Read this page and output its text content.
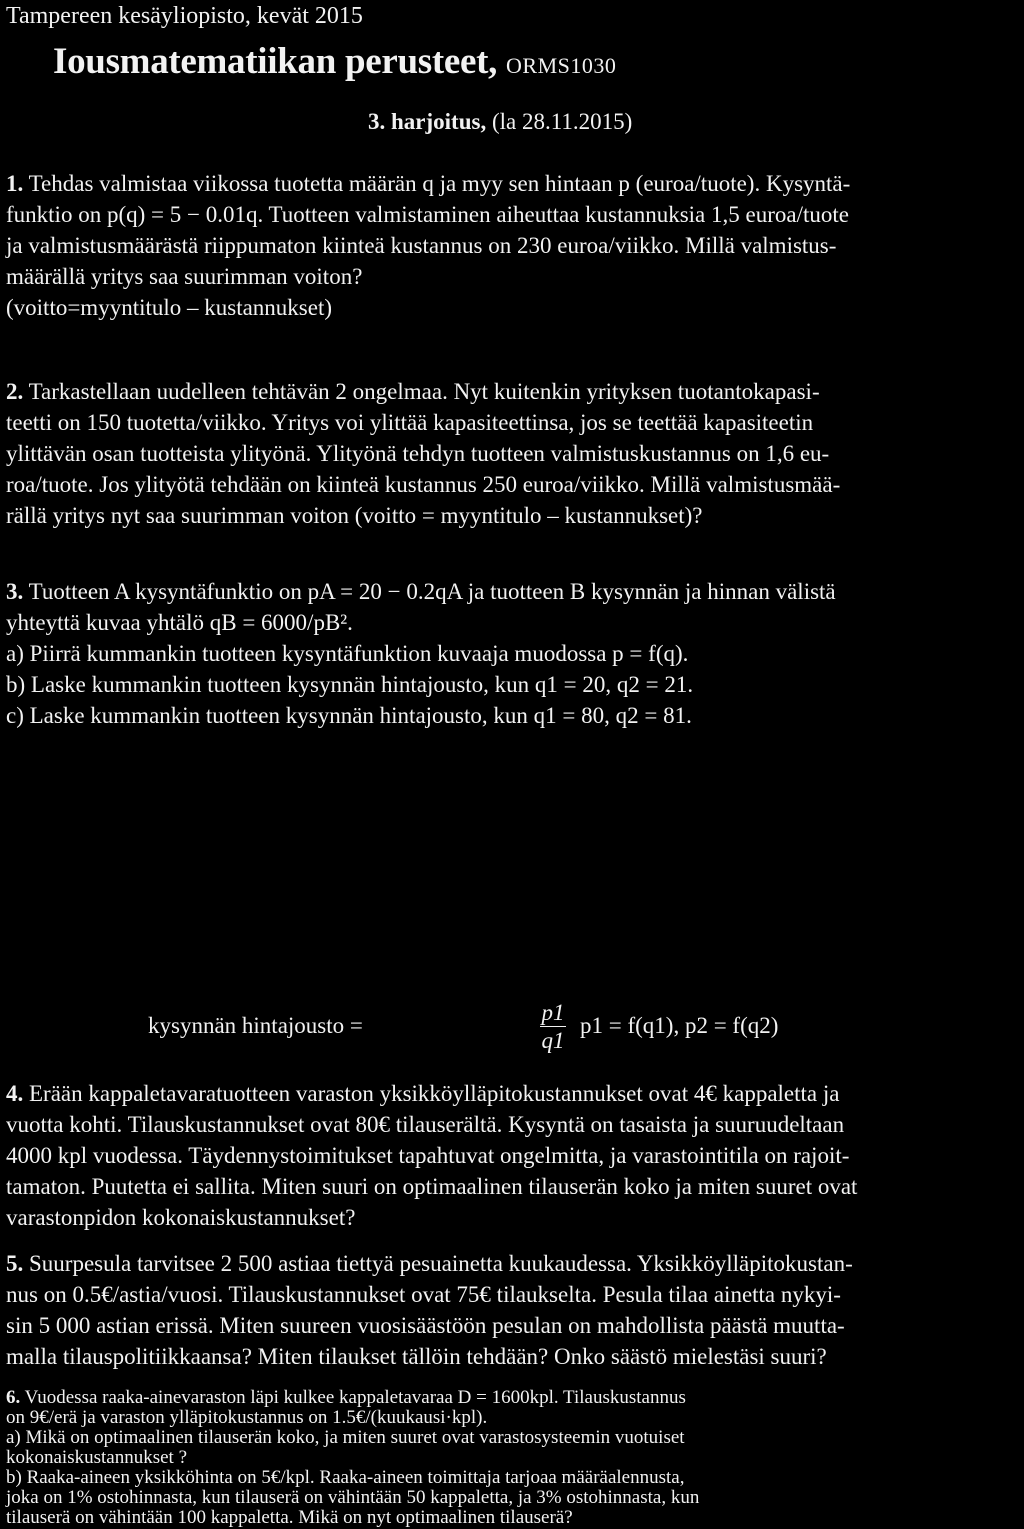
Tampereen kesäyliopisto, kevät 2015
Iousmatematiikan perusteet, ORMS1030
3. harjoitus, (la 28.11.2015)
1. Tehdas valmistaa viikossa tuotetta määrän q ja myy sen hintaan p (euroa/tuote). Kysyntä-
funktio on p(q) = 5 − 0.01q. Tuotteen valmistaminen aiheuttaa kustannuksia 1,5 euroa/tuote
ja valmistusmäärästä riippumaton kiinteä kustannus on 230 euroa/viikko. Millä valmistus-
määrällä yritys saa suurimman voiton?
(voitto=myyntitulo – kustannukset)
2. Tarkastellaan uudelleen tehtävän 2 ongelmaa. Nyt kuitenkin yrityksen tuotantokapasi-
teetti on 150 tuotetta/viikko. Yritys voi ylittää kapasiteettinsa, jos se teettää kapasiteetin
ylittävän osan tuotteista ylityönä. Ylityönä tehdyn tuotteen valmistuskustannus on 1,6 eu-
roa/tuote. Jos ylityötä tehdään on kiinteä kustannus 250 euroa/viikko. Millä valmistusmää-
rällä yritys nyt saa suurimman voiton (voitto = myyntitulo – kustannukset)?
3. Tuotteen A kysyntäfunktio on pA = 20 − 0.2qA ja tuotteen B kysynnän ja hinnan välistä
yhteyttä kuvaa yhtälö qB = 6000/pB².
a) Piirrä kummankin tuotteen kysyntäfunktion kuvaaja muodossa p = f(q).
b) Laske kummankin tuotteen kysynnän hintajousto, kun q1 = 20, q2 = 21.
c) Laske kummankin tuotteen kysynnän hintajousto, kun q1 = 80, q2 = 81.
kysynnän hintajousto =
p1
q1
p1 = f(q1), p2 = f(q2)
4. Erään kappaletavaratuotteen varaston yksikköylläpitokustannukset ovat 4€ kappaletta ja
vuotta kohti. Tilauskustannukset ovat 80€ tilauserältä. Kysyntä on tasaista ja suuruudeltaan
4000 kpl vuodessa. Täydennystoimitukset tapahtuvat ongelmitta, ja varastointitila on rajoit-
tamaton. Puutetta ei sallita. Miten suuri on optimaalinen tilauserän koko ja miten suuret ovat
varastonpidon kokonaiskustannukset?
5. Suurpesula tarvitsee 2 500 astiaa tiettyä pesuainetta kuukaudessa. Yksikköylläpitokustan-
nus on 0.5€/astia/vuosi. Tilauskustannukset ovat 75€ tilaukselta. Pesula tilaa ainetta nykyi-
sin 5 000 astian erissä. Miten suureen vuosisäästöön pesulan on mahdollista päästä muutta-
malla tilauspolitiikkaansa? Miten tilaukset tällöin tehdään? Onko säästö mielestäsi suuri?
6. Vuodessa raaka-ainevaraston läpi kulkee kappaletavaraa D = 1600kpl. Tilauskustannus
on 9€/erä ja varaston ylläpitokustannus on 1.5€/(kuukausi·kpl).
a) Mikä on optimaalinen tilauserän koko, ja miten suuret ovat varastosysteemin vuotuiset
kokonaiskustannukset ?
b) Raaka-aineen yksikköhinta on 5€/kpl. Raaka-aineen toimittaja tarjoaa määräalennusta,
joka on 1% ostohinnasta, kun tilauserä on vähintään 50 kappaletta, ja 3% ostohinnasta, kun
tilauserä on vähintään 100 kappaletta. Mikä on nyt optimaalinen tilauserä?
